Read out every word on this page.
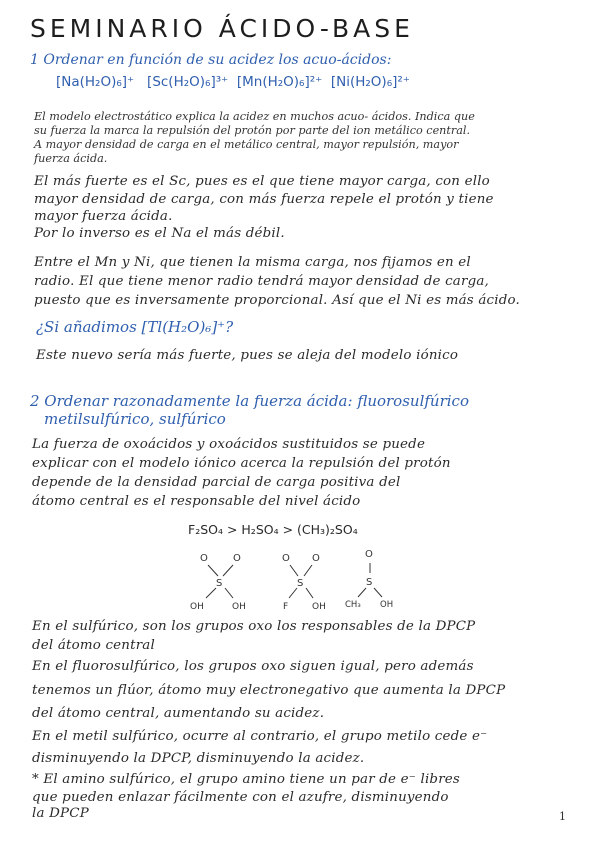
SEMINARIO ÁCIDO-BASE
1 Ordenar en función de su acidez los acuo-ácidos:
[Na(H₂O)₆]⁺ [Sc(H₂O)₆]³⁺ [Mn(H₂O)₆]²⁺ [Ni(H₂O)₆]²⁺
El modelo electrostático explica la acidez en muchos acuo- ácidos. Indica que
su fuerza la marca la repulsión del protón por parte del ion metálico central.
A mayor densidad de carga en el metálico central, mayor repulsión, mayor
fuerza ácida.
El más fuerte es el Sc, pues es el que tiene mayor carga, con ello
mayor densidad de carga, con más fuerza repele el protón y tiene
mayor fuerza ácida.
Por lo inverso es el Na el más débil.
Entre el Mn y Ni, que tienen la misma carga, nos fijamos en el
radio. El que tiene menor radio tendrá mayor densidad de carga,
puesto que es inversamente proporcional. Así que el Ni es más ácido.
¿Si añadimos [Tl(H₂O)₆]⁺?
Este nuevo sería más fuerte, pues se aleja del modelo iónico
2 Ordenar razonadamente la fuerza ácida: fluorosulfúrico
metilsulfúrico, sulfúrico
La fuerza de oxoácidos y oxoácidos sustituidos se puede
explicar con el modelo iónico acerca la repulsión del protón
depende de la densidad parcial de carga positiva del
átomo central es el responsable del nivel ácido
F₂SO₄ > H₂SO₄ > (CH₃)₂SO₄
O	O
S
OH	OH
O O
S
F	OH
O
S
CH₃ OH
En el sulfúrico, son los grupos oxo los responsables de la DPCP
del átomo central
En el fluorosulfúrico, los grupos oxo siguen igual, pero además
tenemos un flúor, átomo muy electronegativo que aumenta la DPCP
del átomo central, aumentando su acidez.
En el metil sulfúrico, ocurre al contrario, el grupo metilo cede e⁻
disminuyendo la DPCP, disminuyendo la acidez.
* El amino sulfúrico, el grupo amino tiene un par de e⁻ libres
que pueden enlazar fácilmente con el azufre, disminuyendo
la DPCP	1
